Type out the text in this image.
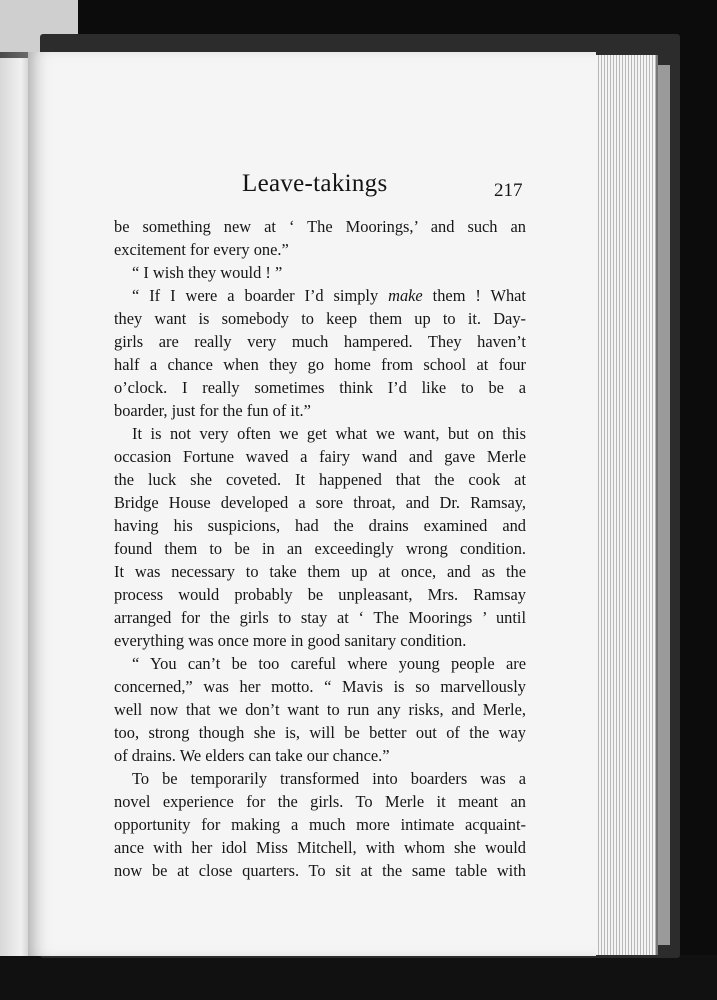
Leave-takings	217
be something new at ‘ The Moorings,’ and such an
excitement for every one.”
“ I wish they would ! ”
“ If I were a boarder I’d simply make them ! What
they want is somebody to keep them up to it. Day-
girls are really very much hampered. They haven’t
half a chance when they go home from school at four
o’clock. I really sometimes think I’d like to be a
boarder, just for the fun of it.”
It is not very often we get what we want, but on this
occasion Fortune waved a fairy wand and gave Merle
the luck she coveted. It happened that the cook at
Bridge House developed a sore throat, and Dr. Ramsay,
having his suspicions, had the drains examined and
found them to be in an exceedingly wrong condition.
It was necessary to take them up at once, and as the
process would probably be unpleasant, Mrs. Ramsay
arranged for the girls to stay at ‘ The Moorings ’ until
everything was once more in good sanitary condition.
“ You can’t be too careful where young people are
concerned,” was her motto. “ Mavis is so marvellously
well now that we don’t want to run any risks, and Merle,
too, strong though she is, will be better out of the way
of drains. We elders can take our chance.”
To be temporarily transformed into boarders was a
novel experience for the girls. To Merle it meant an
opportunity for making a much more intimate acquaint-
ance with her idol Miss Mitchell, with whom she would
now be at close quarters. To sit at the same table with
